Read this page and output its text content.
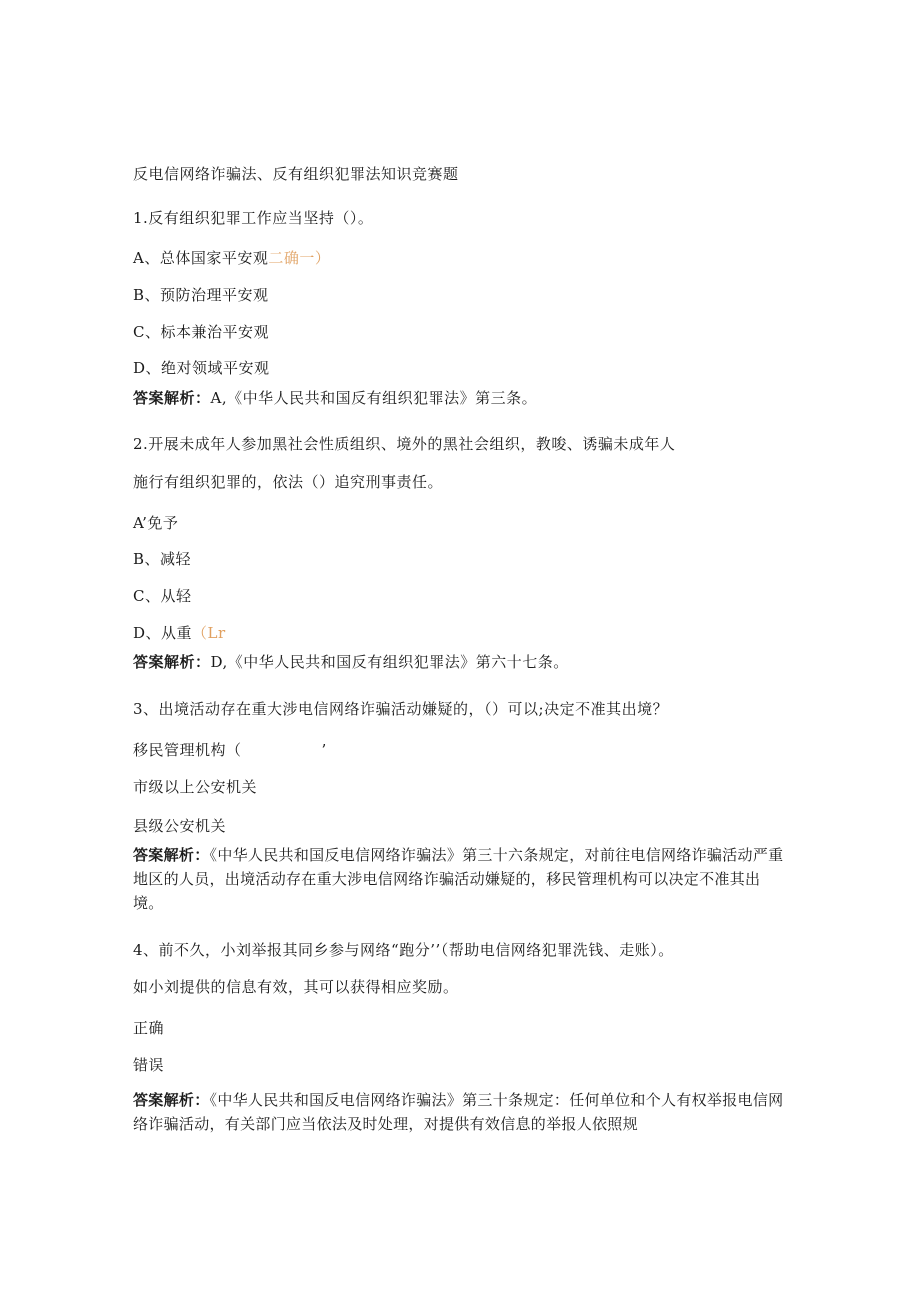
反电信网络诈骗法、反有组织犯罪法知识竞赛题
1.反有组织犯罪工作应当坚持（）。
A、总体国家平安观二确一）
B、预防治理平安观
C、标本兼治平安观
D、绝对领域平安观
答案解析：A,《中华人民共和国反有组织犯罪法》第三条。
2.开展未成年人参加黑社会性质组织、境外的黑社会组织，教唆、诱骗未成年人
施行有组织犯罪的，依法（）追究刑事责任。
A’免予
B、减轻
C、从轻
D、从重（Lr
答案解析：D,《中华人民共和国反有组织犯罪法》第六十七条。
3、出境活动存在重大涉电信网络诈骗活动嫌疑的，（）可以;决定不准其出境？
移民管理机构（	’
市级以上公安机关
县级公安机关
答案解析：《中华人民共和国反电信网络诈骗法》第三十六条规定，对前往电信网络诈骗活动严重地区的人员，出境活动存在重大涉电信网络诈骗活动嫌疑的，移民管理机构可以决定不准其出境。
4、前不久，小刘举报其同乡参与网络“跑分’’（帮助电信网络犯罪洗钱、走账）。
如小刘提供的信息有效，其可以获得相应奖励。
正确
错误
答案解析：《中华人民共和国反电信网络诈骗法》第三十条规定：任何单位和个人有权举报电信网络诈骗活动，有关部门应当依法及时处理，对提供有效信息的举报人依照规
